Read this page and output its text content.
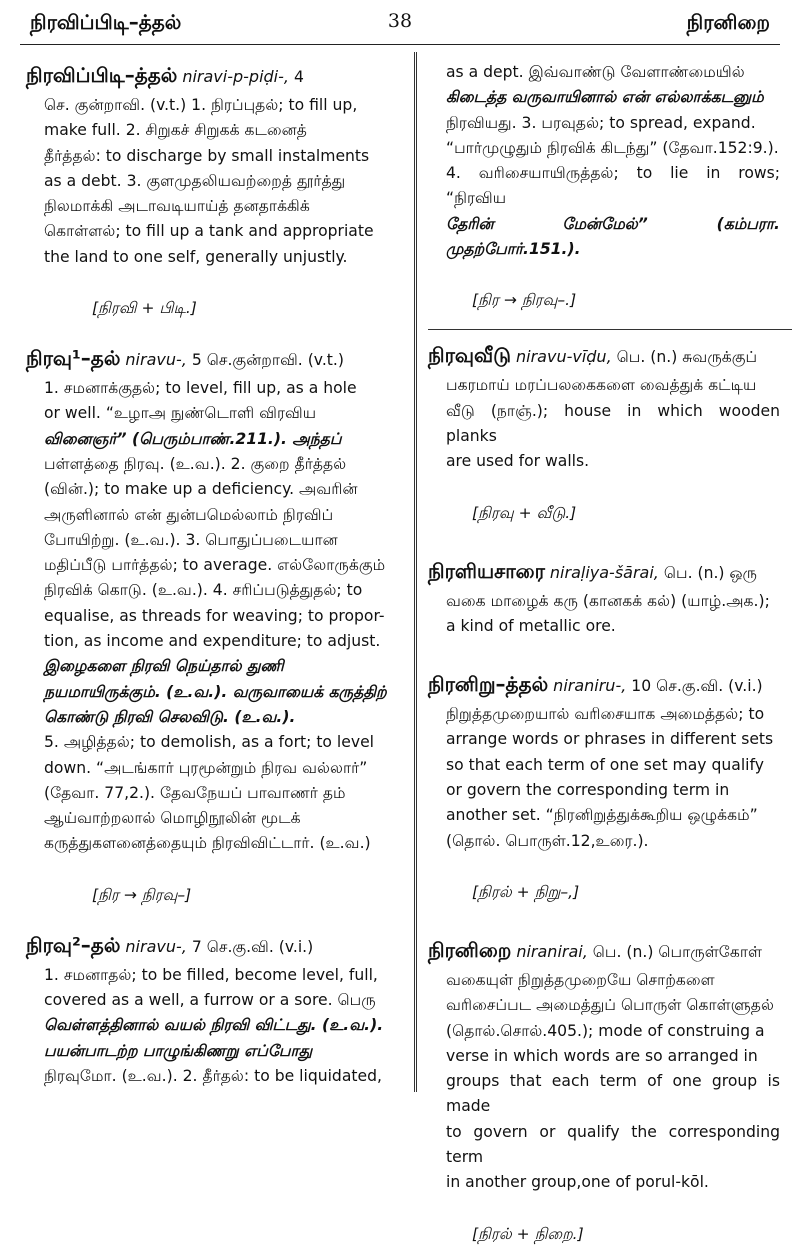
நிரவிப்பிடி–த்தல்	38	நிரனிறை

நிரவிப்பிடி–த்தல் niravi-p-piḍi-, 4

செ. குன்றாவி. (v.t.) 1. நிரப்புதல்; to fill up,

make full. 2. சிறுகச் சிறுகக் கடனைத்

தீர்த்தல்: to discharge by small instalments

as a debt. 3. குளமுதலியவற்றைத் தூர்த்து

நிலமாக்கி அடாவடியாய்த் தனதாக்கிக்

கொள்ளல்; to fill up a tank and appropriate

the land to one self, generally unjustly.

[நிரவி + பிடி.]

நிரவு¹–தல் niravu-, 5 செ.குன்றாவி. (v.t.)

1. சமனாக்குதல்; to level, fill up, as a hole

or well. “உழாஅ நுண்டொளி விரவிய

வினைஞர்” (பெரும்பாண்.211.). அந்தப்

பள்ளத்தை நிரவு. (உ.வ.). 2. குறை தீர்த்தல்

(வின்.); to make up a deficiency. அவரின்

அருளினால் என் துன்பமெல்லாம் நிரவிப்

போயிற்று. (உ.வ.). 3. பொதுப்படையான

மதிப்பீடு பார்த்தல்; to average. எல்லோருக்கும்

நிரவிக் கொடு. (உ.வ.). 4. சரிப்படுத்துதல்; to

equalise, as threads for weaving; to propor-

tion, as income and expenditure; to adjust.

இழைகளை நிரவி நெய்தால் துணி

நயமாயிருக்கும். (உ.வ.). வருவாயைக் கருத்திற்

கொண்டு நிரவி செலவிடு. (உ.வ.).

5. அழித்தல்; to demolish, as a fort; to level

down. “அடங்கார் புரமூன்றும் நிரவ வல்லார்”

(தேவா. 77,2.). தேவநேயப் பாவாணர் தம்

ஆய்வாற்றலால் மொழிநூலின் மூடக்

கருத்துகளனைத்தையும் நிரவிவிட்டார். (உ.வ.)

[நிர → நிரவு–]

நிரவு²–தல் niravu-, 7 செ.கு.வி. (v.i.)

1. சமனாதல்; to be filled, become level, full,

covered as a well, a furrow or a sore. பெரு

வெள்ளத்தினால் வயல் நிரவி விட்டது. (உ.வ.).

பயன்பாடற்ற பாழுங்கிணறு எப்போது

நிரவுமோ. (உ.வ.). 2. தீர்தல்: to be liquidated,

as a dept. இவ்வாண்டு வேளாண்மையில்

கிடைத்த வருவாயினால் என் எல்லாக்கடனும்

நிரவியது. 3. பரவுதல்; to spread, expand.

“பார்முழுதும் நிரவிக் கிடந்து” (தேவா.152:9.).

4. வரிசையாயிருத்தல்; to lie in rows; “நிரவிய

தேரின் மேன்மேல்” (கம்பரா. முதற்போர்.151.).

[நிர → நிரவு–.]

நிரவுவீடு niravu-vīḍu, பெ. (n.) சுவருக்குப்

பகரமாய் மரப்பலகைகளை வைத்துக் கட்டிய

வீடு (நாஞ்.); house in which wooden planks

are used for walls.

[நிரவு + வீடு.]

நிரளியசாரை niraḷiya-šārai, பெ. (n.) ஒரு

வகை மாழைக் கரு (கானகக் கல்) (யாழ்.அக.);

a kind of metallic ore.

நிரனிறு–த்தல் niraniru-, 10 செ.கு.வி. (v.i.)

நிறுத்தமுறையால் வரிசையாக அமைத்தல்; to

arrange words or phrases in different sets

so that each term of one set may qualify

or govern the corresponding term in

another set. “நிரனிறுத்துக்கூறிய ஒழுக்கம்”

(தொல். பொருள்.12,உரை.).

[நிரல் + நிறு–,]

நிரனிறை niranirai, பெ. (n.) பொருள்கோள்

வகையுள் நிறுத்தமுறையே சொற்களை

வரிசைப்பட அமைத்துப் பொருள் கொள்ளுதல்

(தொல்.சொல்.405.); mode of construing a

verse in which words are so arranged in

groups that each term of one group is made

to govern or qualify the corresponding term

in another group,one of porul-kōl.

[நிரல் + நிறை.]
